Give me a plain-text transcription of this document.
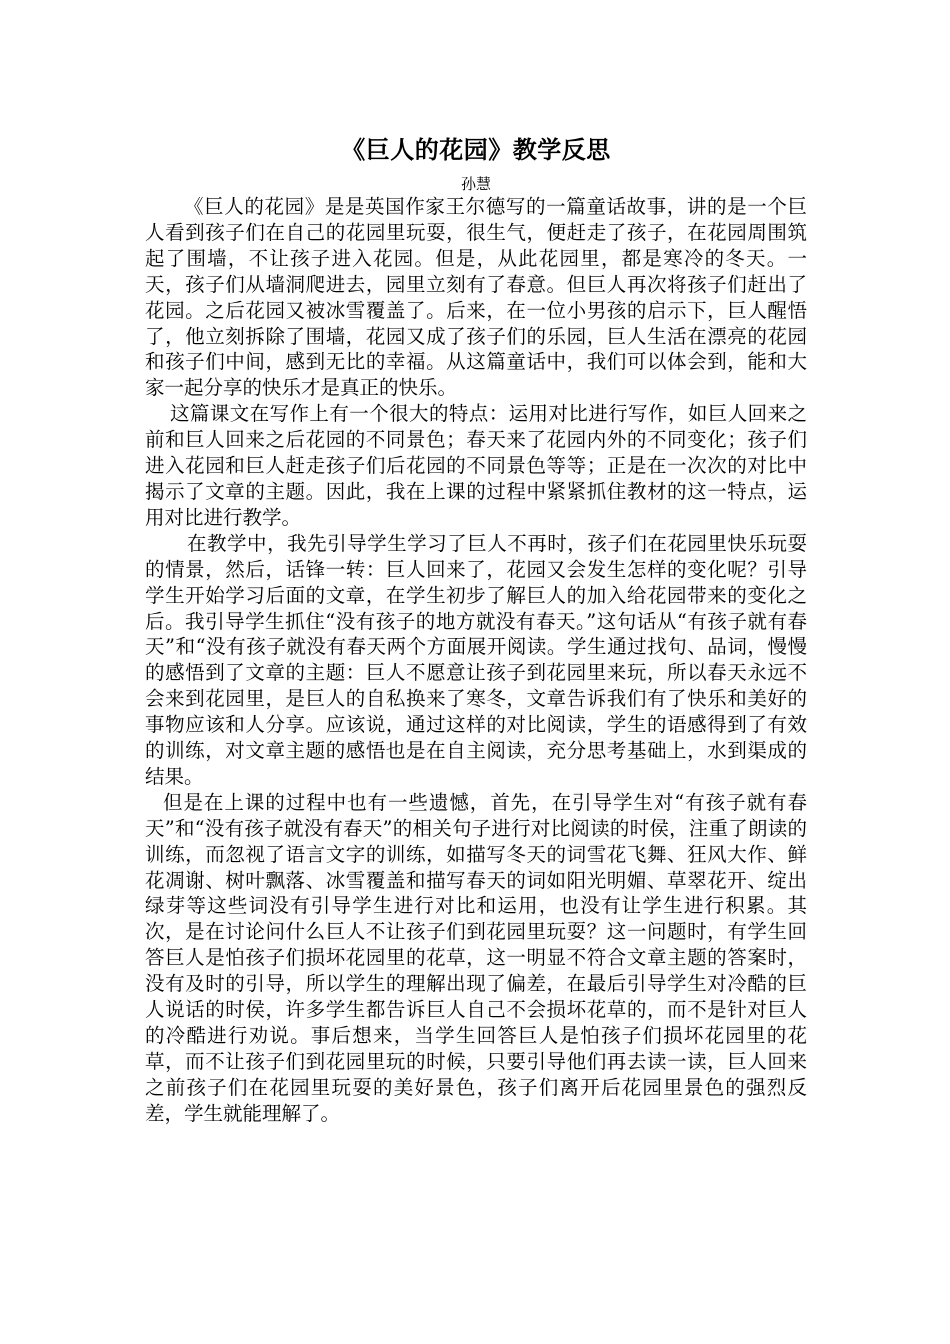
《巨人的花园》教学反思
孙慧

《巨人的花园》是是英国作家王尔德写的一篇童话故事，讲的是一个巨人看到孩子们在自己的花园里玩耍，很生气，便赶走了孩子，在花园周围筑起了围墙，不让孩子进入花园。但是，从此花园里，都是寒冷的冬天。一天，孩子们从墙洞爬进去，园里立刻有了春意。但巨人再次将孩子们赶出了花园。之后花园又被冰雪覆盖了。后来，在一位小男孩的启示下，巨人醒悟了，他立刻拆除了围墙，花园又成了孩子们的乐园，巨人生活在漂亮的花园和孩子们中间，感到无比的幸福。从这篇童话中，我们可以体会到，能和大家一起分享的快乐才是真正的快乐。

这篇课文在写作上有一个很大的特点：运用对比进行写作，如巨人回来之前和巨人回来之后花园的不同景色；春天来了花园内外的不同变化；孩子们进入花园和巨人赶走孩子们后花园的不同景色等等；正是在一次次的对比中揭示了文章的主题。因此，我在上课的过程中紧紧抓住教材的这一特点，运用对比进行教学。

在教学中，我先引导学生学习了巨人不再时，孩子们在花园里快乐玩耍的情景，然后，话锋一转：巨人回来了，花园又会发生怎样的变化呢？引导学生开始学习后面的文章，在学生初步了解巨人的加入给花园带来的变化之后。我引导学生抓住“没有孩子的地方就没有春天。”这句话从“有孩子就有春天”和“没有孩子就没有春天两个方面展开阅读。学生通过找句、品词，慢慢的感悟到了文章的主题：巨人不愿意让孩子到花园里来玩，所以春天永远不会来到花园里，是巨人的自私换来了寒冬，文章告诉我们有了快乐和美好的事物应该和人分享。应该说，通过这样的对比阅读，学生的语感得到了有效的训练，对文章主题的感悟也是在自主阅读，充分思考基础上，水到渠成的结果。

但是在上课的过程中也有一些遗憾，首先，在引导学生对“有孩子就有春天”和“没有孩子就没有春天”的相关句子进行对比阅读的时侯，注重了朗读的训练，而忽视了语言文字的训练，如描写冬天的词雪花飞舞、狂风大作、鲜花凋谢、树叶飘落、冰雪覆盖和描写春天的词如阳光明媚、草翠花开、绽出绿芽等这些词没有引导学生进行对比和运用，也没有让学生进行积累。其次，是在讨论问什么巨人不让孩子们到花园里玩耍？这一问题时，有学生回答巨人是怕孩子们损坏花园里的花草，这一明显不符合文章主题的答案时，没有及时的引导，所以学生的理解出现了偏差，在最后引导学生对冷酷的巨人说话的时侯，许多学生都告诉巨人自己不会损坏花草的，而不是针对巨人的冷酷进行劝说。事后想来，当学生回答巨人是怕孩子们损坏花园里的花草，而不让孩子们到花园里玩的时候，只要引导他们再去读一读，巨人回来之前孩子们在花园里玩耍的美好景色，孩子们离开后花园里景色的强烈反差，学生就能理解了。
